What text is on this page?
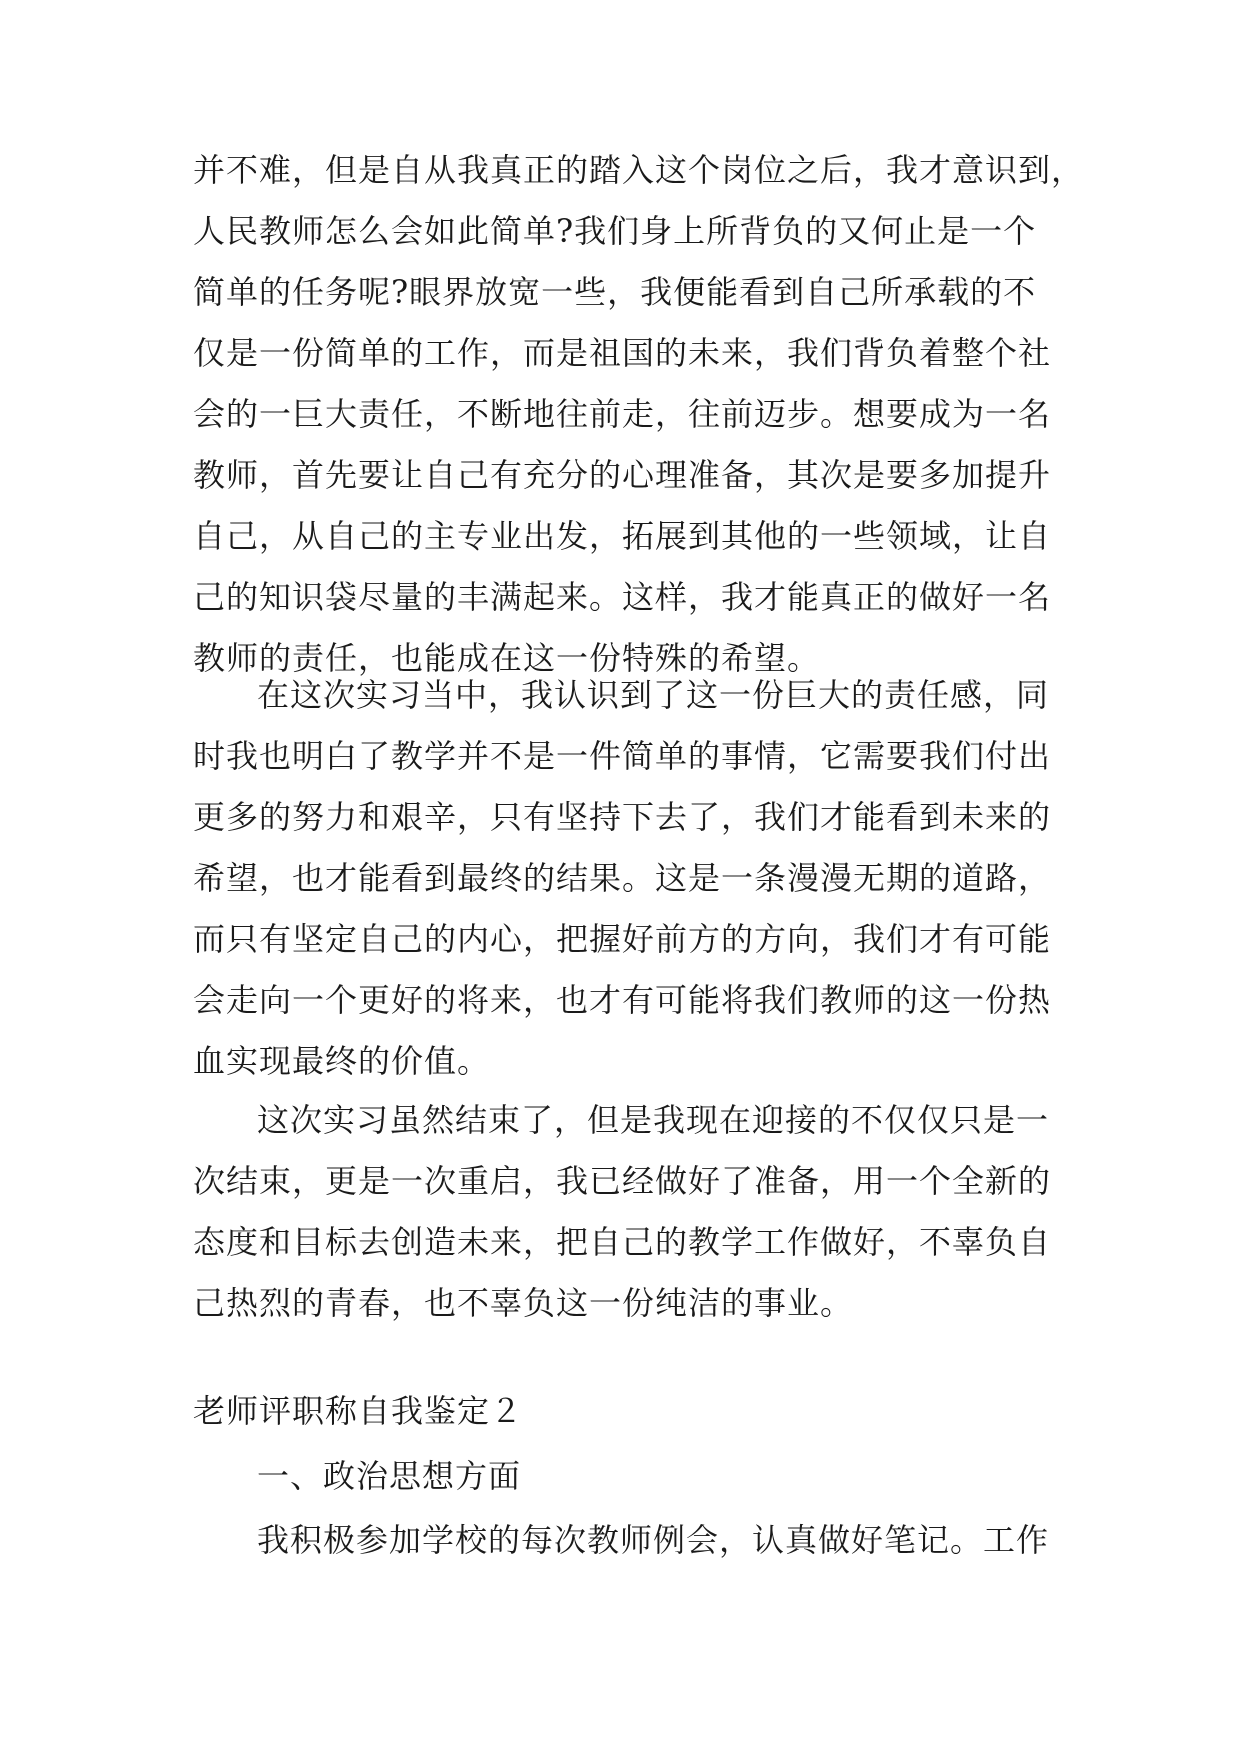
并不难，但是自从我真正的踏入这个岗位之后，我才意识到，
人民教师怎么会如此简单?我们身上所背负的又何止是一个
简单的任务呢?眼界放宽一些，我便能看到自己所承载的不
仅是一份简单的工作，而是祖国的未来，我们背负着整个社
会的一巨大责任，不断地往前走，往前迈步。想要成为一名
教师，首先要让自己有充分的心理准备，其次是要多加提升
自己，从自己的主专业出发，拓展到其他的一些领域，让自
己的知识袋尽量的丰满起来。这样，我才能真正的做好一名
教师的责任，也能成在这一份特殊的希望。
在这次实习当中，我认识到了这一份巨大的责任感，同
时我也明白了教学并不是一件简单的事情，它需要我们付出
更多的努力和艰辛，只有坚持下去了，我们才能看到未来的
希望，也才能看到最终的结果。这是一条漫漫无期的道路，
而只有坚定自己的内心，把握好前方的方向，我们才有可能
会走向一个更好的将来，也才有可能将我们教师的这一份热
血实现最终的价值。
这次实习虽然结束了，但是我现在迎接的不仅仅只是一
次结束，更是一次重启，我已经做好了准备，用一个全新的
态度和目标去创造未来，把自己的教学工作做好，不辜负自
己热烈的青春，也不辜负这一份纯洁的事业。
老师评职称自我鉴定２
一、政治思想方面
我积极参加学校的每次教师例会，认真做好笔记。工作
